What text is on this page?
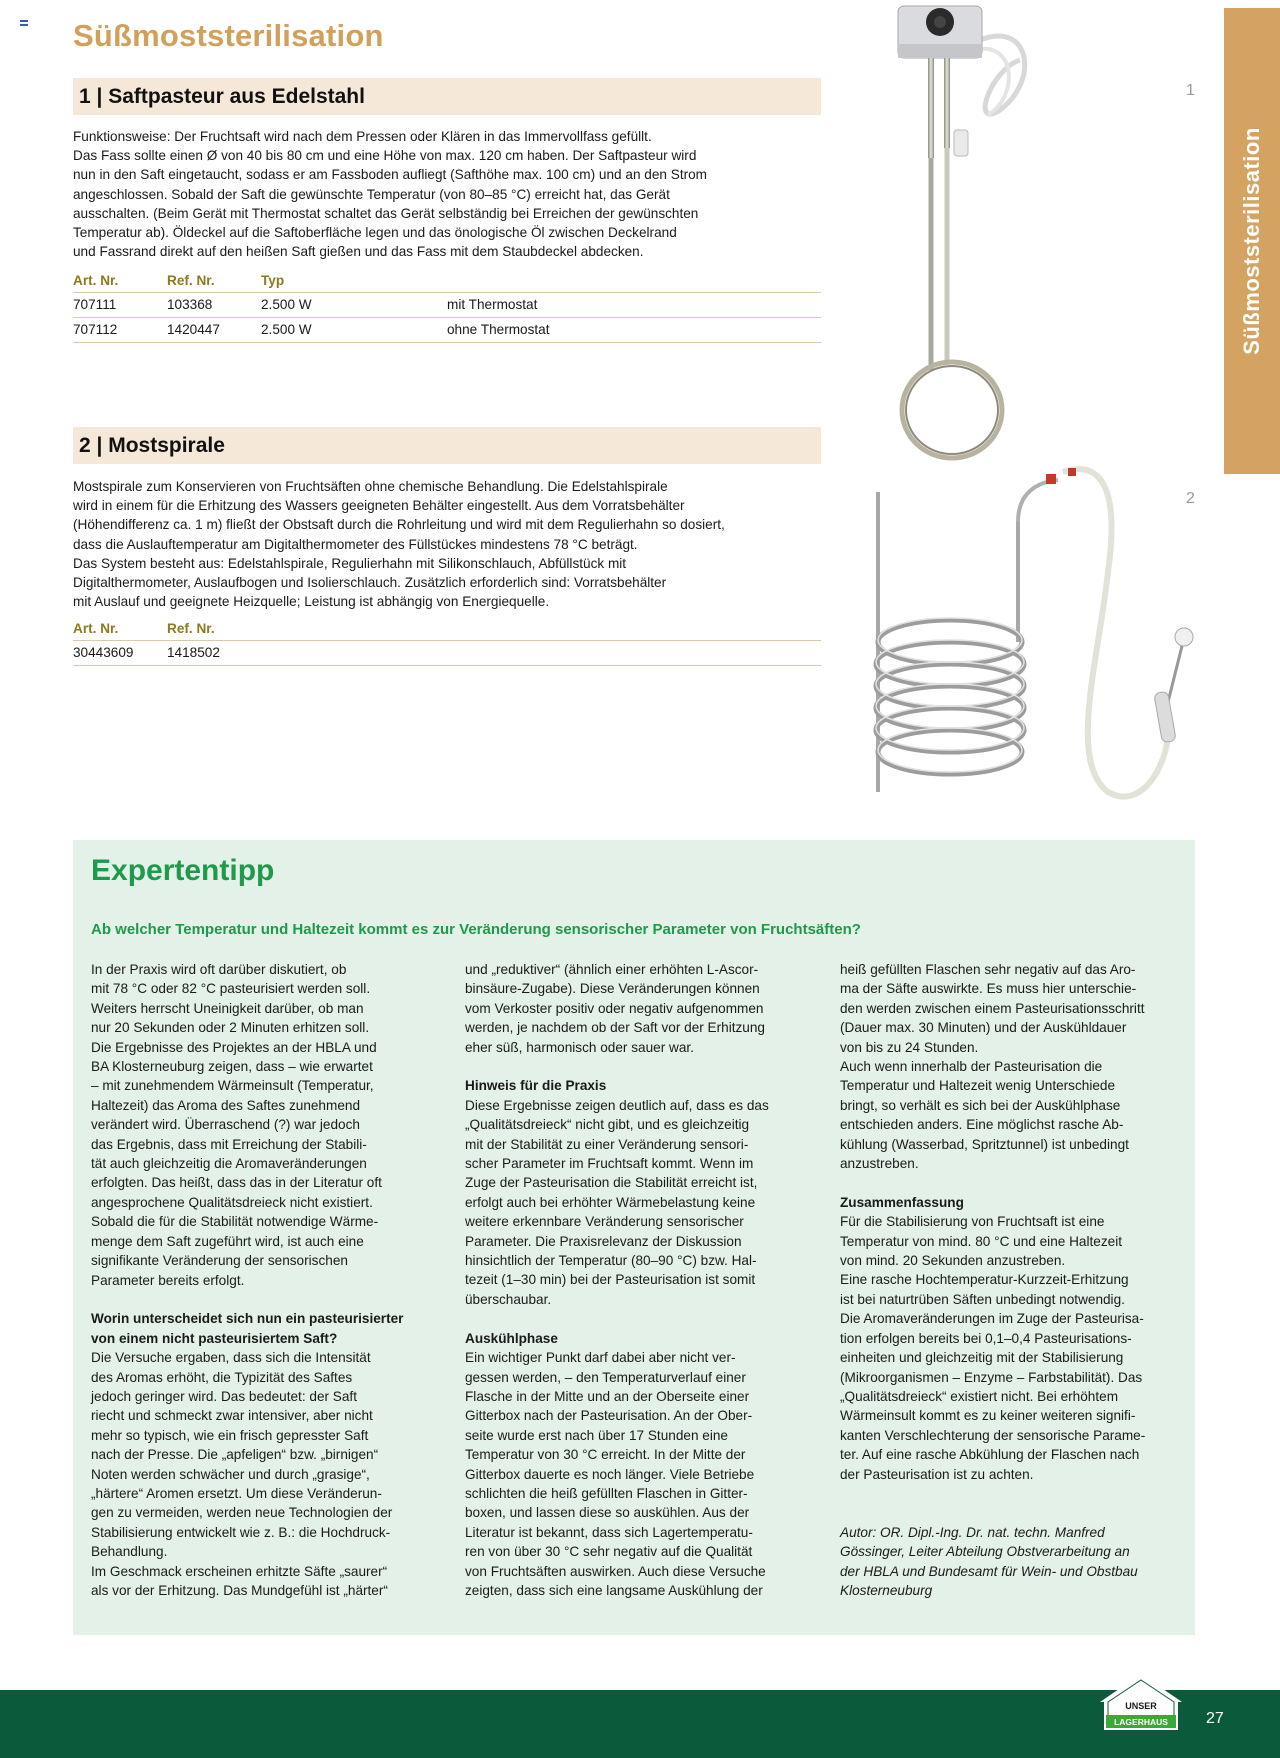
Süßmoststerilisation
1 | Saftpasteur aus Edelstahl
Funktionsweise: Der Fruchtsaft wird nach dem Pressen oder Klären in das Immervollfass gefüllt.
Das Fass sollte einen Ø von 40 bis 80 cm und eine Höhe von max. 120 cm haben. Der Saftpasteur wird
nun in den Saft eingetaucht, sodass er am Fassboden aufliegt (Safthöhe max. 100 cm) und an den Strom
angeschlossen. Sobald der Saft die gewünschte Temperatur (von 80–85 °C) erreicht hat, das Gerät
ausschalten. (Beim Gerät mit Thermostat schaltet das Gerät selbständig bei Erreichen der gewünschten
Temperatur ab). Öldeckel auf die Saftoberfläche legen und das önologische Öl zwischen Deckelrand
und Fassrand direkt auf den heißen Saft gießen und das Fass mit dem Staubdeckel abdecken.
Art. Nr.	Ref. Nr.	Typ	
707111	103368	2.500 W	mit Thermostat
707112	1420447	2.500 W	ohne Thermostat
2 | Mostspirale
Mostspirale zum Konservieren von Fruchtsäften ohne chemische Behandlung. Die Edelstahlspirale
wird in einem für die Erhitzung des Wassers geeigneten Behälter eingestellt. Aus dem Vorratsbehälter
(Höhendifferenz ca. 1 m) fließt der Obstsaft durch die Rohrleitung und wird mit dem Regulierhahn so dosiert,
dass die Auslauftemperatur am Digitalthermometer des Füllstückes mindestens 78 °C beträgt.
Das System besteht aus: Edelstahlspirale, Regulierhahn mit Silikonschlauch, Abfüllstück mit
Digitalthermometer, Auslaufbogen und Isolierschlauch. Zusätzlich erforderlich sind: Vorratsbehälter
mit Auslauf und geeignete Heizquelle; Leistung ist abhängig von Energiequelle.
Art. Nr.	Ref. Nr.
30443609	1418502
Süßmoststerilisation
1
2
Expertentipp
Ab welcher Temperatur und Haltezeit kommt es zur Veränderung sensorischer Parameter von Fruchtsäften?

In der Praxis wird oft darüber diskutiert, ob

mit 78 °C oder 82 °C pasteurisiert werden soll.

Weiters herrscht Uneinigkeit darüber, ob man

nur 20 Sekunden oder 2 Minuten erhitzen soll.

Die Ergebnisse des Projektes an der HBLA und

BA Klosterneuburg zeigen, dass – wie erwartet

– mit zunehmendem Wärmeinsult (Temperatur,

Haltezeit) das Aroma des Saftes zunehmend

verändert wird. Überraschend (?) war jedoch

das Ergebnis, dass mit Erreichung der Stabili-

tät auch gleichzeitig die Aromaveränderungen

erfolgten. Das heißt, dass das in der Literatur oft

angesprochene Qualitätsdreieck nicht existiert.

Sobald die für die Stabilität notwendige Wärme-

menge dem Saft zugeführt wird, ist auch eine

signifikante Veränderung der sensorischen

Parameter bereits erfolgt.

Worin unterscheidet sich nun ein pasteurisierter

von einem nicht pasteurisiertem Saft?

Die Versuche ergaben, dass sich die Intensität

des Aromas erhöht, die Typizität des Saftes

jedoch geringer wird. Das bedeutet: der Saft

riecht und schmeckt zwar intensiver, aber nicht

mehr so typisch, wie ein frisch gepresster Saft

nach der Presse. Die „apfeligen“ bzw. „birnigen“

Noten werden schwächer und durch „grasige“,

„härtere“ Aromen ersetzt. Um diese Veränderun-

gen zu vermeiden, werden neue Technologien der

Stabilisierung entwickelt wie z. B.: die Hochdruck-

Behandlung.

Im Geschmack erscheinen erhitzte Säfte „saurer“

als vor der Erhitzung. Das Mundgefühl ist „härter“

und „reduktiver“ (ähnlich einer erhöhten L-Ascor-

binsäure-Zugabe). Diese Veränderungen können

vom Verkoster positiv oder negativ aufgenommen

werden, je nachdem ob der Saft vor der Erhitzung

eher süß, harmonisch oder sauer war.

Hinweis für die Praxis

Diese Ergebnisse zeigen deutlich auf, dass es das

„Qualitätsdreieck“ nicht gibt, und es gleichzeitig

mit der Stabilität zu einer Veränderung sensori-

scher Parameter im Fruchtsaft kommt. Wenn im

Zuge der Pasteurisation die Stabilität erreicht ist,

erfolgt auch bei erhöhter Wärmebelastung keine

weitere erkennbare Veränderung sensorischer

Parameter. Die Praxisrelevanz der Diskussion

hinsichtlich der Temperatur (80–90 °C) bzw. Hal-

tezeit (1–30 min) bei der Pasteurisation ist somit

überschaubar.

Auskühlphase

Ein wichtiger Punkt darf dabei aber nicht ver-

gessen werden, – den Temperaturverlauf einer

Flasche in der Mitte und an der Oberseite einer

Gitterbox nach der Pasteurisation. An der Ober-

seite wurde erst nach über 17 Stunden eine

Temperatur von 30 °C erreicht. In der Mitte der

Gitterbox dauerte es noch länger. Viele Betriebe

schlichten die heiß gefüllten Flaschen in Gitter-

boxen, und lassen diese so auskühlen. Aus der

Literatur ist bekannt, dass sich Lagertemperatu-

ren von über 30 °C sehr negativ auf die Qualität

von Fruchtsäften auswirken. Auch diese Versuche

zeigten, dass sich eine langsame Auskühlung der

heiß gefüllten Flaschen sehr negativ auf das Aro-

ma der Säfte auswirkte. Es muss hier unterschie-

den werden zwischen einem Pasteurisationsschritt

(Dauer max. 30 Minuten) und der Auskühldauer

von bis zu 24 Stunden.

Auch wenn innerhalb der Pasteurisation die

Temperatur und Haltezeit wenig Unterschiede

bringt, so verhält es sich bei der Auskühlphase

entschieden anders. Eine möglichst rasche Ab-

kühlung (Wasserbad, Spritztunnel) ist unbedingt

anzustreben.

Zusammenfassung

Für die Stabilisierung von Fruchtsaft ist eine

Temperatur von mind. 80 °C und eine Haltezeit

von mind. 20 Sekunden anzustreben.

Eine rasche Hochtemperatur-Kurzzeit-Erhitzung

ist bei naturtrüben Säften unbedingt notwendig.

Die Aromaveränderungen im Zuge der Pasteurisa-

tion erfolgen bereits bei 0,1–0,4 Pasteurisations-

einheiten und gleichzeitig mit der Stabilisierung

(Mikroorganismen – Enzyme – Farbstabilität). Das

„Qualitätsdreieck“ existiert nicht. Bei erhöhtem

Wärmeinsult kommt es zu keiner weiteren signifi-

kanten Verschlechterung der sensorische Parame-

ter. Auf eine rasche Abkühlung der Flaschen nach

der Pasteurisation ist zu achten.

Autor: OR. Dipl.-Ing. Dr. nat. techn. Manfred

Gössinger, Leiter Abteilung Obstverarbeitung an

der HBLA und Bundesamt für Wein- und Obstbau

Klosterneuburg

UNSER
LAGERHAUS 27
